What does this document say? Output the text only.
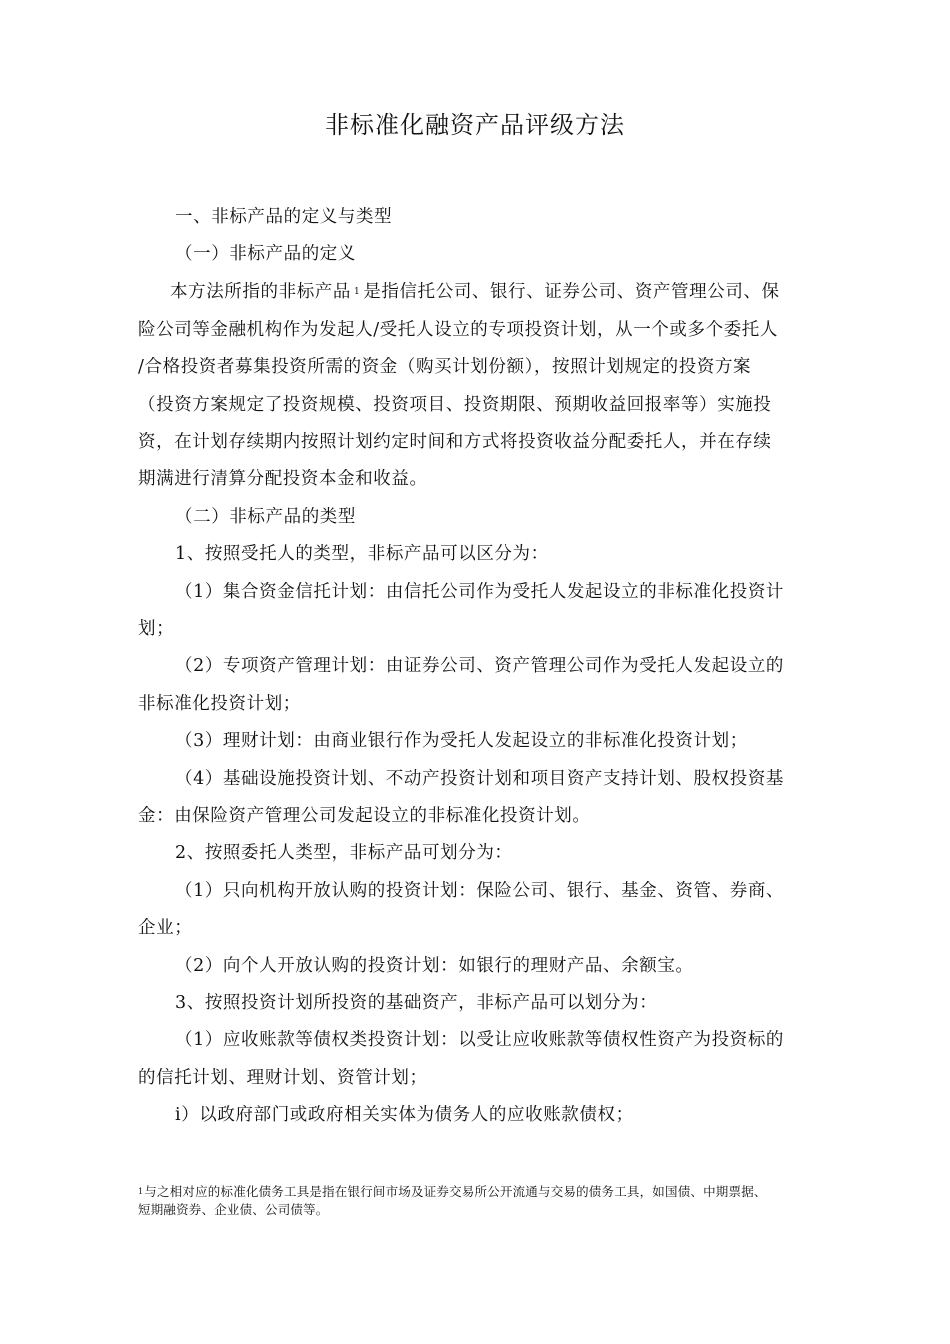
非标准化融资产品评级方法
一、非标产品的定义与类型
（一）非标产品的定义
本方法所指的非标产品 $^1$ 是指信托公司、银行、证券公司、资产管理公司、保
险公司等金融机构作为发起人/受托人设立的专项投资计划，从一个或多个委托人
/合格投资者募集投资所需的资金（购买计划份额），按照计划规定的投资方案
（投资方案规定了投资规模、投资项目、投资期限、预期收益回报率等）实施投
资，在计划存续期内按照计划约定时间和方式将投资收益分配委托人，并在存续
期满进行清算分配投资本金和收益。
（二）非标产品的类型
1、按照受托人的类型，非标产品可以区分为：
（1）集合资金信托计划：由信托公司作为受托人发起设立的非标准化投资计
划；
（2）专项资产管理计划：由证券公司、资产管理公司作为受托人发起设立的
非标准化投资计划；
（3）理财计划：由商业银行作为受托人发起设立的非标准化投资计划；
（4）基础设施投资计划、不动产投资计划和项目资产支持计划、股权投资基
金：由保险资产管理公司发起设立的非标准化投资计划。
2、按照委托人类型，非标产品可划分为：
（1）只向机构开放认购的投资计划：保险公司、银行、基金、资管、券商、
企业；
（2）向个人开放认购的投资计划：如银行的理财产品、余额宝。
3、按照投资计划所投资的基础资产，非标产品可以划分为：
（1）应收账款等债权类投资计划：以受让应收账款等债权性资产为投资标的
的信托计划、理财计划、资管计划；
i）以政府部门或政府相关实体为债务人的应收账款债权；
$^1$与之相对应的标准化债务工具是指在银行间市场及证券交易所公开流通与交易的债务工具，如国债、中期票据、
短期融资券、企业债、公司债等。
